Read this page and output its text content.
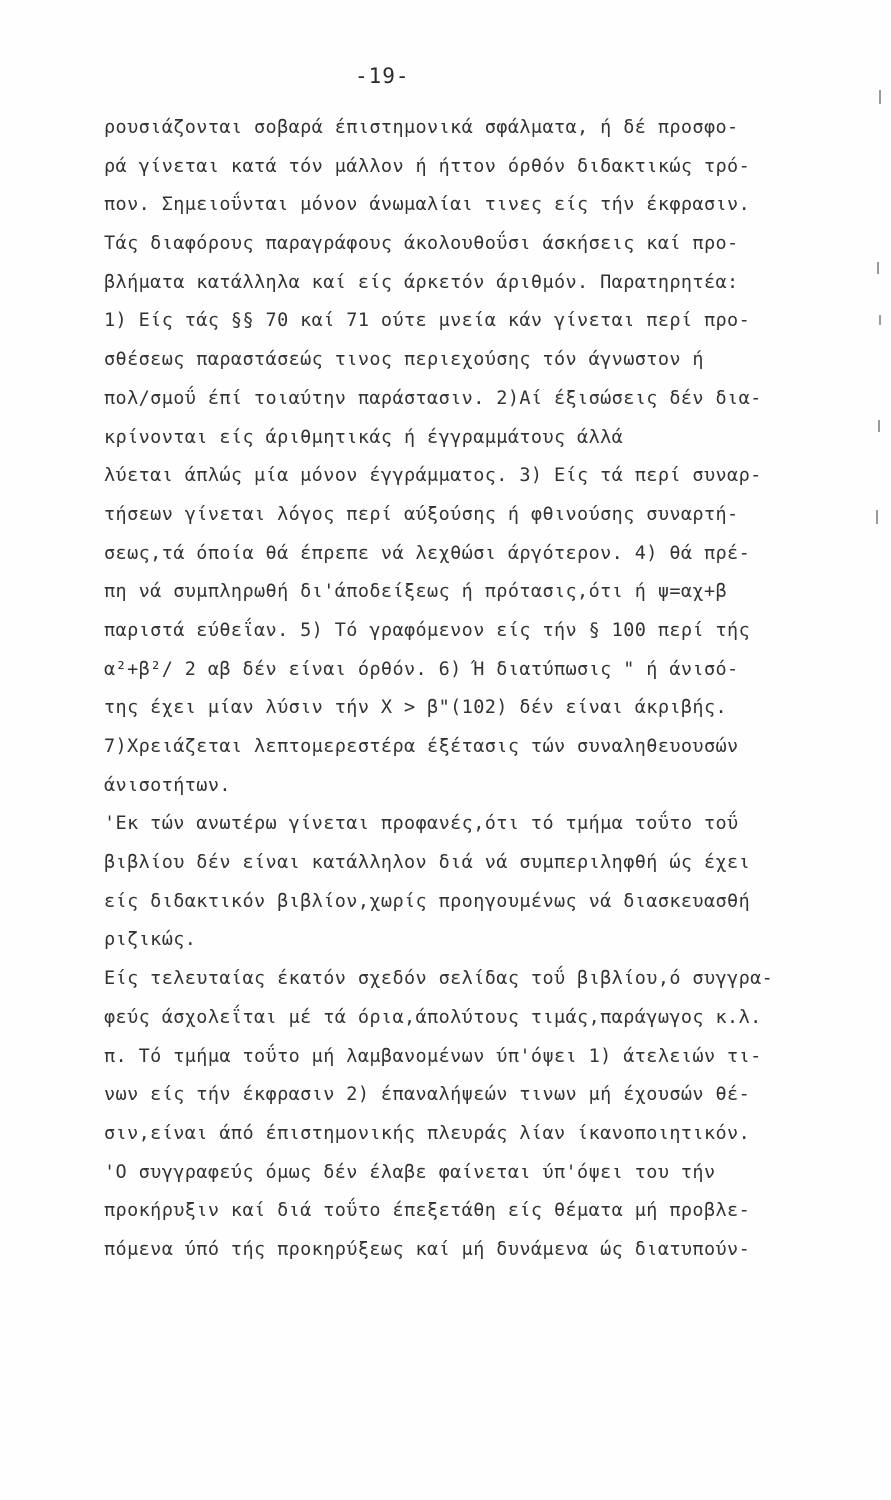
-19-
ρουσιάζονται σοβαρά έπιστημονικά σφάλματα, ή δέ προσφο-
ρά γίνεται κατά τόν μάλλον ή ήττον όρθόν διδακτικώς τρό-
πον. Σημειοΰνται μόνον άνωμαλίαι τινες είς τήν έκφρασιν.
Τάς διαφόρους παραγράφους άκολουθοΰσι άσκήσεις καί προ-
βλήματα κατάλληλα καί είς άρκετόν άριθμόν. Παρατηρητέα:
1) Είς τάς §§ 70 καί 71 ούτε μνεία κάν γίνεται περί προ-
σθέσεως παραστάσεώς τινος περιεχούσης τόν άγνωστον ή
πολ/σμοΰ έπί τοιαύτην παράστασιν. 2)Αί έξισώσεις δέν δια-
κρίνονται είς άριθμητικάς ή έγγραμμάτους άλλά
λύεται άπλώς μία μόνον έγγράμματος. 3) Είς τά περί συναρ-
τήσεων γίνεται λόγος περί αύξούσης ή φθινούσης συναρτή-
σεως,τά όποία θά έπρεπε νά λεχθώσι άργότερον. 4) θά πρέ-
πη νά συμπληρωθή δι'άποδείξεως ή πρότασις,ότι ή ψ=αχ+β
παριστά εύθεΐαν. 5) Τό γραφόμενον είς τήν § 100 περί τής
α²+β²/ 2 αβ δέν είναι όρθόν. 6) Ή διατύπωσις " ή άνισό-
της έχει μίαν λύσιν τήν Χ > β"(102) δέν είναι άκριβής.
7)Χρειάζεται λεπτομερεστέρα έξέτασις τών συναληθευουσών
άνισοτήτων.
'Εκ τών ανωτέρω γίνεται προφανές,ότι τό τμήμα τοΰτο τοΰ
βιβλίου δέν είναι κατάλληλον διά νά συμπεριληφθή ώς έχει
είς διδακτικόν βιβλίον,χωρίς προηγουμένως νά διασκευασθή
ριζικώς.
Είς τελευταίας έκατόν σχεδόν σελίδας τοΰ βιβλίου,ό συγγρα-
φεύς άσχολεΐται μέ τά όρια,άπολύτους τιμάς,παράγωγος κ.λ.
π. Τό τμήμα τοΰτο μή λαμβανομένων ύπ'όψει 1) άτελειών τι-
νων είς τήν έκφρασιν 2) έπαναλήψεών τινων μή έχουσών θέ-
σιν,είναι άπό έπιστημονικής πλευράς λίαν ίκανοποιητικόν.
'Ο συγγραφεύς όμως δέν έλαβε φαίνεται ύπ'όψει του τήν
προκήρυξιν καί διά τοΰτο έπεξετάθη είς θέματα μή προβλε-
πόμενα ύπό τής προκηρύξεως καί μή δυνάμενα ώς διατυπούν-
